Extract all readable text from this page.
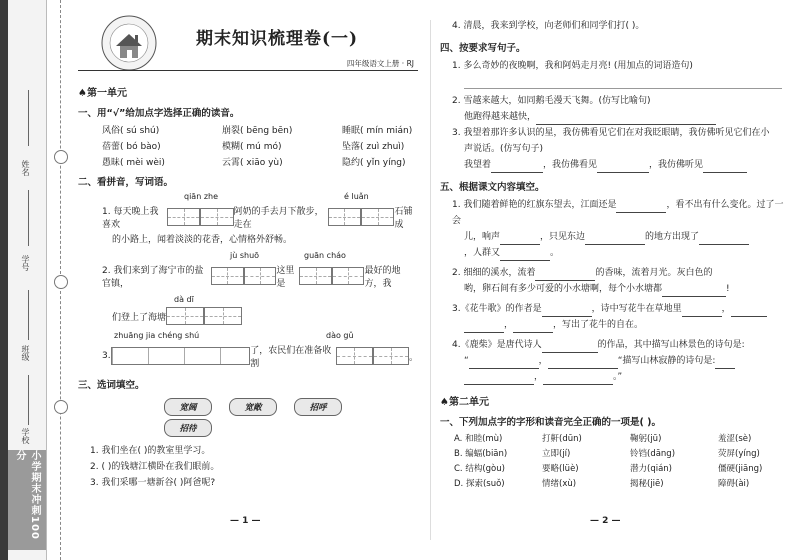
姓名
学号
班级
学校
小学期末冲刺100分
期末知识梳理卷(一)
四年级语文上册 · RJ
♠第一单元
一、用“√”给加点字选择正确的读音。
风俗( sú shú)	崩裂( bēng bēn)	睡眠( mín mián)
蓓蕾( bó bào)	模糊( mú mó)	坠落( zuì zhuì)
愚昧( mèi wèi)	云霄( xiāo yù)	隐约( yǐn yíng)
二、看拼音，写词语。
qiān zhe	é luǎn
1. 每天晚上我喜欢
阿奶的手去月下散步，走在
石铺成
的小路上，闻着淡淡的花香，心情格外舒畅。
jù shuō	guān cháo
2. 我们来到了海宁市的盐官镇，
这里是
最好的地方，我
dà dī
们登上了海塘
zhuāng jia chéng shú	dào gǔ
3.	了，农民们在准备收割
。
三、选词填空。
宽阔	宽敞	招呼 招待
1. 我们坐在( )的教室里学习。
2. ( )的钱塘江横卧在我们眼前。
3. 我们采哪一塘新谷( )阿爸呢?
— 1 —
4. 清晨，我来到学校，向老师们和同学们打( )。
四、按要求写句子。
1. 多么奇妙的夜晚啊，我和阿妈走月亮! (用加点的词语造句)
2. 雪越来越大，如同鹅毛漫天飞舞。(仿写比喻句)
他跑得越来越快，
3. 我望着那许多认识的星，我仿佛看见它们在对我眨眼睛，我仿佛听见它们在小
声说话。(仿写句子)
我望着	，我仿佛看见	，我仿佛听见
五、根据课文内容填空。
1. 我们随着鲜艳的红旗东望去，江面还是	，看不出有什么变化。过了一会
儿，响声	，只见东边	的地方出现了
，人群又	。
2. 细细的溪水，流着	的香味，流着月光。灰白色的
哟，卵石间有多少可爱的小水塘啊，每个小水塘都	!
3.《花牛歌》的作者是	，诗中写花牛在草地里	，
，	，写出了花牛的自在。
4.《鹿柴》是唐代诗人	的作品，其中描写山林景色的诗句是:
“	，	“描写山林寂静的诗句是:
，	。”
♠第二单元
一、下列加点字的字形和读音完全正确的一项是( )。
A. 和睦(mù)	打鼾(dūn)	鞠躬(jū)	羞涩(sè)
B. 编蝠(biān)	立即(jí)	铃铛(dāng)	荧屏(yíng)
C. 结构(gòu)	要略(lüè)	潜力(qián)	僵硬(jiāng)
D. 探索(suǒ)	情绪(xù)	揭秘(jiē)	障碍(ài)
— 2 —
